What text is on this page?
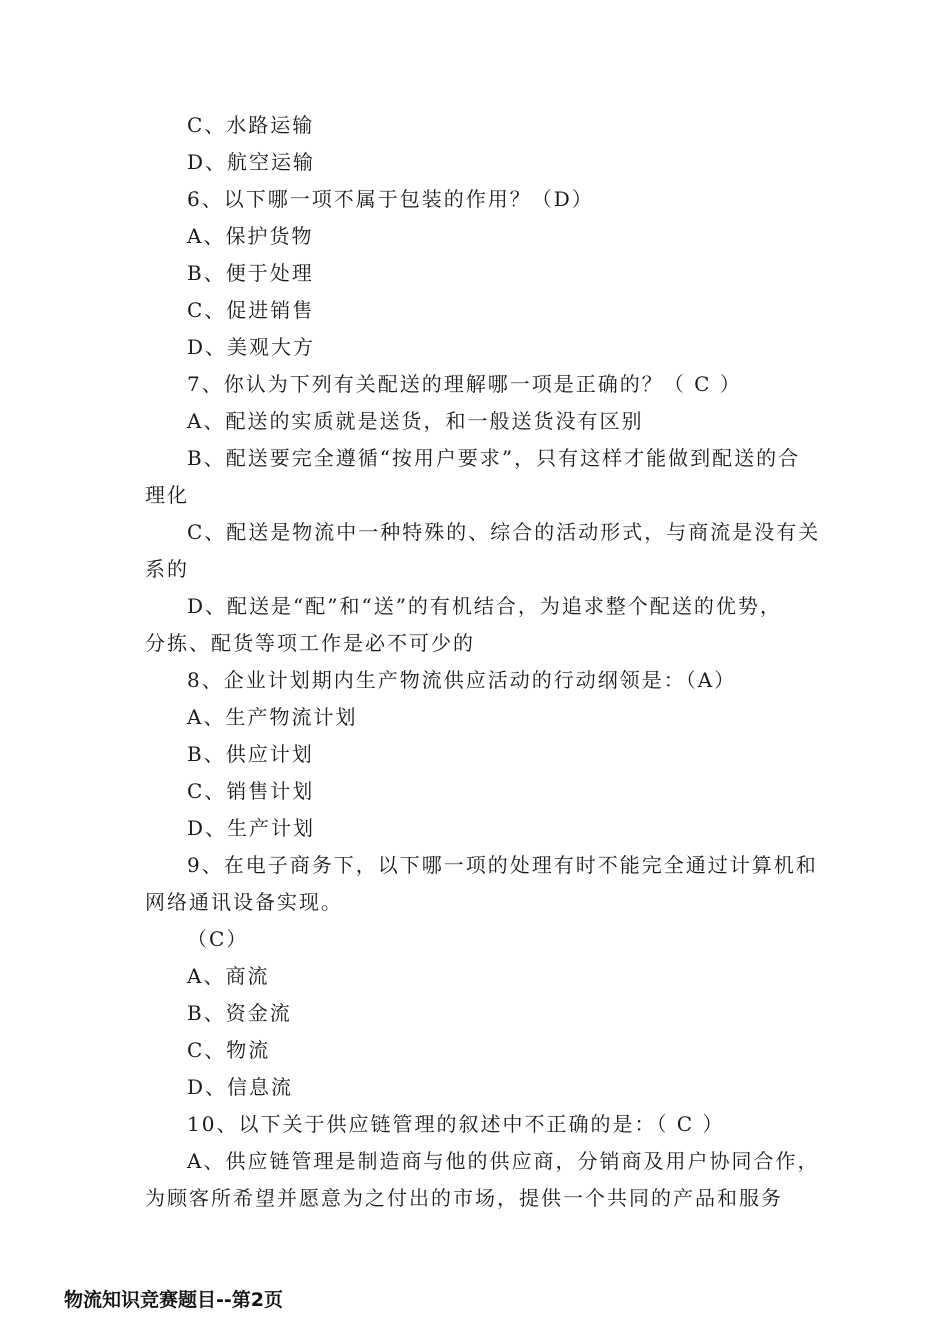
C、水路运输
D、航空运输
6、以下哪一项不属于包装的作用？（D）
A、保护货物
B、便于处理
C、促进销售
D、美观大方
7、你认为下列有关配送的理解哪一项是正确的？（ C ）
A、配送的实质就是送货，和一般送货没有区别
B、配送要完全遵循“按用户要求”，只有这样才能做到配送的合
理化
C、配送是物流中一种特殊的、综合的活动形式，与商流是没有关
系的
D、配送是“配”和“送”的有机结合，为追求整个配送的优势，
分拣、配货等项工作是必不可少的
8、企业计划期内生产物流供应活动的行动纲领是：（A）
A、生产物流计划
B、供应计划
C、销售计划
D、生产计划
9、在电子商务下，以下哪一项的处理有时不能完全通过计算机和
网络通讯设备实现。
（C）
A、商流
B、资金流
C、物流
D、信息流
10、以下关于供应链管理的叙述中不正确的是：（ C ）
A、供应链管理是制造商与他的供应商，分销商及用户协同合作，
为顾客所希望并愿意为之付出的市场，提供一个共同的产品和服务
物流知识竞赛题目--第2页
